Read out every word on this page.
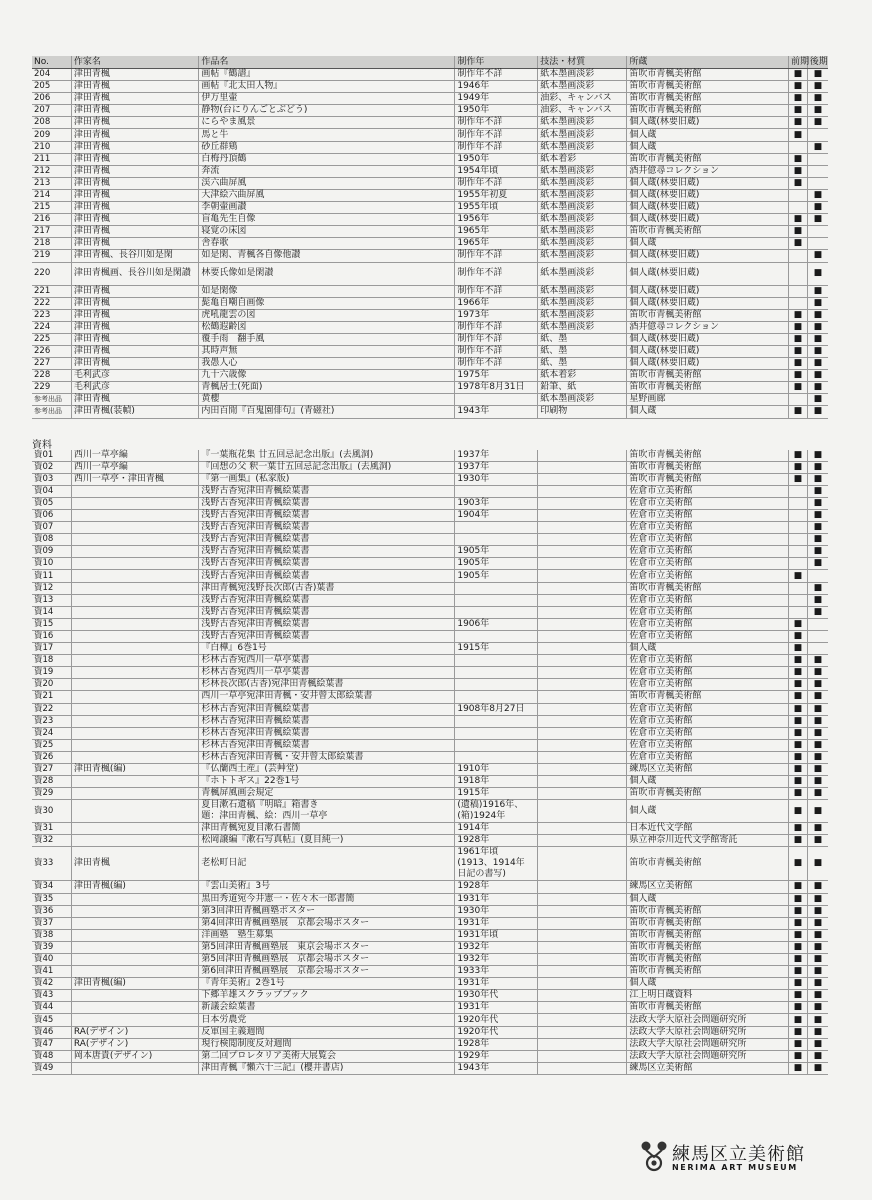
No.	作家名	作品名	制作年	技法・材質	所蔵	前期	後期
204	津田青楓	画帖『鶴譜』	制作年不詳	紙本墨画淡彩	笛吹市青楓美術館	■	■
205	津田青楓	画帖『北太田人物』	1946年	紙本墨画淡彩	笛吹市青楓美術館	■	■
206	津田青楓	伊万里壷	1949年	油彩、キャンバス	笛吹市青楓美術館	■	■
207	津田青楓	静物(台にりんごとぶどう)	1950年	油彩、キャンバス	笛吹市青楓美術館	■	■
208	津田青楓	にらやま風景	制作年不詳	紙本墨画淡彩	個人蔵(林要旧蔵)	■	■
209	津田青楓	馬と牛	制作年不詳	紙本墨画淡彩	個人蔵	■	
210	津田青楓	砂丘群鶏	制作年不詳	紙本墨画淡彩	個人蔵		■
211	津田青楓	白梅丹頂鶴	1950年	紙本着彩	笛吹市青楓美術館	■	
212	津田青楓	奔流	1954年頃	紙本墨画淡彩	酒井億尋コレクション	■	
213	津田青楓	渓六曲屏風	制作年不詳	紙本墨画淡彩	個人蔵(林要旧蔵)	■	
214	津田青楓	大津絵六曲屏風	1955年初夏	紙本墨画淡彩	個人蔵(林要旧蔵)		■
215	津田青楓	李朝壷画讃	1955年頃	紙本墨画淡彩	個人蔵(林要旧蔵)		■
216	津田青楓	盲亀先生自像	1956年	紙本墨画淡彩	個人蔵(林要旧蔵)	■	■
217	津田青楓	寝覚の床図	1965年	紙本墨画淡彩	笛吹市青楓美術館	■	
218	津田青楓	舎春歌	1965年	紙本墨画淡彩	個人蔵	■	
219	津田青楓、長谷川如是閑	如是閑、青楓各自像他讃	制作年不詳	紙本墨画淡彩	個人蔵(林要旧蔵)		■
220	津田青楓画、長谷川如是閑讃	林要氏像如是閑讃	制作年不詳	紙本墨画淡彩	個人蔵(林要旧蔵)		■
221	津田青楓	如是閑像	制作年不詳	紙本墨画淡彩	個人蔵(林要旧蔵)		■
222	津田青楓	髭亀自嘲自画像	1966年	紙本墨画淡彩	個人蔵(林要旧蔵)		■
223	津田青楓	虎吼龍雲の図	1973年	紙本墨画淡彩	笛吹市青楓美術館	■	■
224	津田青楓	松鶴遐齢図	制作年不詳	紙本墨画淡彩	酒井億尋コレクション	■	■
225	津田青楓	覆手雨　翻手風	制作年不詳	紙、墨	個人蔵(林要旧蔵)	■	■
226	津田青楓	其時声無	制作年不詳	紙、墨	個人蔵(林要旧蔵)	■	■
227	津田青楓	我愚人心	制作年不詳	紙、墨	個人蔵(林要旧蔵)	■	■
228	毛利武彦	九十六歳像	1975年	紙本着彩	笛吹市青楓美術館	■	■
229	毛利武彦	青楓居士(死面)	1978年8月31日	鉛筆、紙	笛吹市青楓美術館	■	■
参考出品	津田青楓	黄櫻		紙本墨画淡彩	星野画廊		■
参考出品	津田青楓(装幀)	内田百閒『百鬼園俳句』(青磁社)	1943年	印刷物	個人蔵	■	■
資料
資01	西川一草亭編	『一葉瓶花集 廿五回忌記念出版』(去風洞)	1937年		笛吹市青楓美術館	■	■
資02	西川一草亭編	『回想の父 釈一葉廿五回忌記念出版』(去風洞)	1937年		笛吹市青楓美術館	■	■
資03	西川一草亭・津田青楓	『第一画集』(私家版)	1930年		笛吹市青楓美術館	■	■
資04		浅野古香宛津田青楓絵葉書			佐倉市立美術館		■
資05		浅野古香宛津田青楓絵葉書	1903年		佐倉市立美術館		■
資06		浅野古香宛津田青楓絵葉書	1904年		佐倉市立美術館		■
資07		浅野古香宛津田青楓絵葉書			佐倉市立美術館		■
資08		浅野古香宛津田青楓絵葉書			佐倉市立美術館		■
資09		浅野古香宛津田青楓絵葉書	1905年		佐倉市立美術館		■
資10		浅野古香宛津田青楓絵葉書	1905年		佐倉市立美術館		■
資11		浅野古香宛津田青楓絵葉書	1905年		佐倉市立美術館	■	
資12		津田青楓宛浅野長次郎(古香)葉書			笛吹市青楓美術館		■
資13		浅野古香宛津田青楓絵葉書			佐倉市立美術館		■
資14		浅野古香宛津田青楓絵葉書			佐倉市立美術館		■
資15		浅野古香宛津田青楓絵葉書	1906年		佐倉市立美術館	■	
資16		浅野古香宛津田青楓絵葉書			佐倉市立美術館	■	
資17		『白樺』6巻1号	1915年		個人蔵	■	
資18		杉林古香宛西川一草亭葉書			佐倉市立美術館	■	■
資19		杉林古香宛西川一草亭葉書			佐倉市立美術館	■	■
資20		杉林長次郎(古香)宛津田青楓絵葉書			佐倉市立美術館	■	■
資21		西川一草亭宛津田青楓・安井曾太郎絵葉書			笛吹市青楓美術館	■	■
資22		杉林古香宛津田青楓絵葉書	1908年8月27日		佐倉市立美術館	■	■
資23		杉林古香宛津田青楓絵葉書			佐倉市立美術館	■	■
資24		杉林古香宛津田青楓絵葉書			佐倉市立美術館	■	■
資25		杉林古香宛津田青楓絵葉書			佐倉市立美術館	■	■
資26		杉林古香宛津田青楓・安井曾太郎絵葉書			佐倉市立美術館	■	■
資27	津田青楓(編)	『仏蘭西土産』(芸艸堂)	1910年		練馬区立美術館	■	■
資28		『ホトトギス』22巻1号	1918年		個人蔵	■	■
資29		青楓屏風画会規定	1915年		笛吹市青楓美術館	■	■
資30		夏目漱石遺稿『明暗』箱書き
題：津田青楓、絵：西川一草亭	(遺稿)1916年、
(箱)1924年		個人蔵	■	■
資31		津田青楓宛夏目漱石書簡	1914年		日本近代文学館	■	■
資32		松岡譲編『漱石写真帖』(夏目純一)	1928年		県立神奈川近代文学館寄託	■	■
資33	津田青楓	老松町日記	1961年頃
(1913、1914年
日記の書写)		笛吹市青楓美術館	■	■
資34	津田青楓(編)	『雲山美術』3号	1928年		練馬区立美術館	■	■
資35		黒田秀道宛今井憲一・佐々木一郎書簡	1931年		個人蔵	■	■
資36		第3回津田青楓画塾ポスター	1930年		笛吹市青楓美術館	■	■
資37		第4回津田青楓画塾展　京都会場ポスター	1931年		笛吹市青楓美術館	■	■
資38		洋画塾　塾生募集	1931年頃		笛吹市青楓美術館	■	■
資39		第5回津田青楓画塾展　東京会場ポスター	1932年		笛吹市青楓美術館	■	■
資40		第5回津田青楓画塾展　京都会場ポスター	1932年		笛吹市青楓美術館	■	■
資41		第6回津田青楓画塾展　京都会場ポスター	1933年		笛吹市青楓美術館	■	■
資42	津田青楓(編)	『青年美術』2巻1号	1931年		個人蔵	■	■
資43		下郷羊雄スクラップブック	1930年代		江上明日蔵資料	■	■
資44		新議会絵葉書	1931年		笛吹市青楓美術館	■	■
資45		日本労農党	1920年代		法政大学大原社会問題研究所	■	■
資46	RA(デザイン)	反軍国主義週間	1920年代		法政大学大原社会問題研究所	■	■
資47	RA(デザイン)	現行検閲制度反対週間	1928年		法政大学大原社会問題研究所	■	■
資48	岡本唐貴(デザイン)	第二回プロレタリア美術大展覧会	1929年		法政大学大原社会問題研究所	■	■
資49		津田青楓『懶六十三記』(櫻井書店)	1943年		練馬区立美術館	■	■
練馬区立美術館
NERIMA ART MUSEUM
